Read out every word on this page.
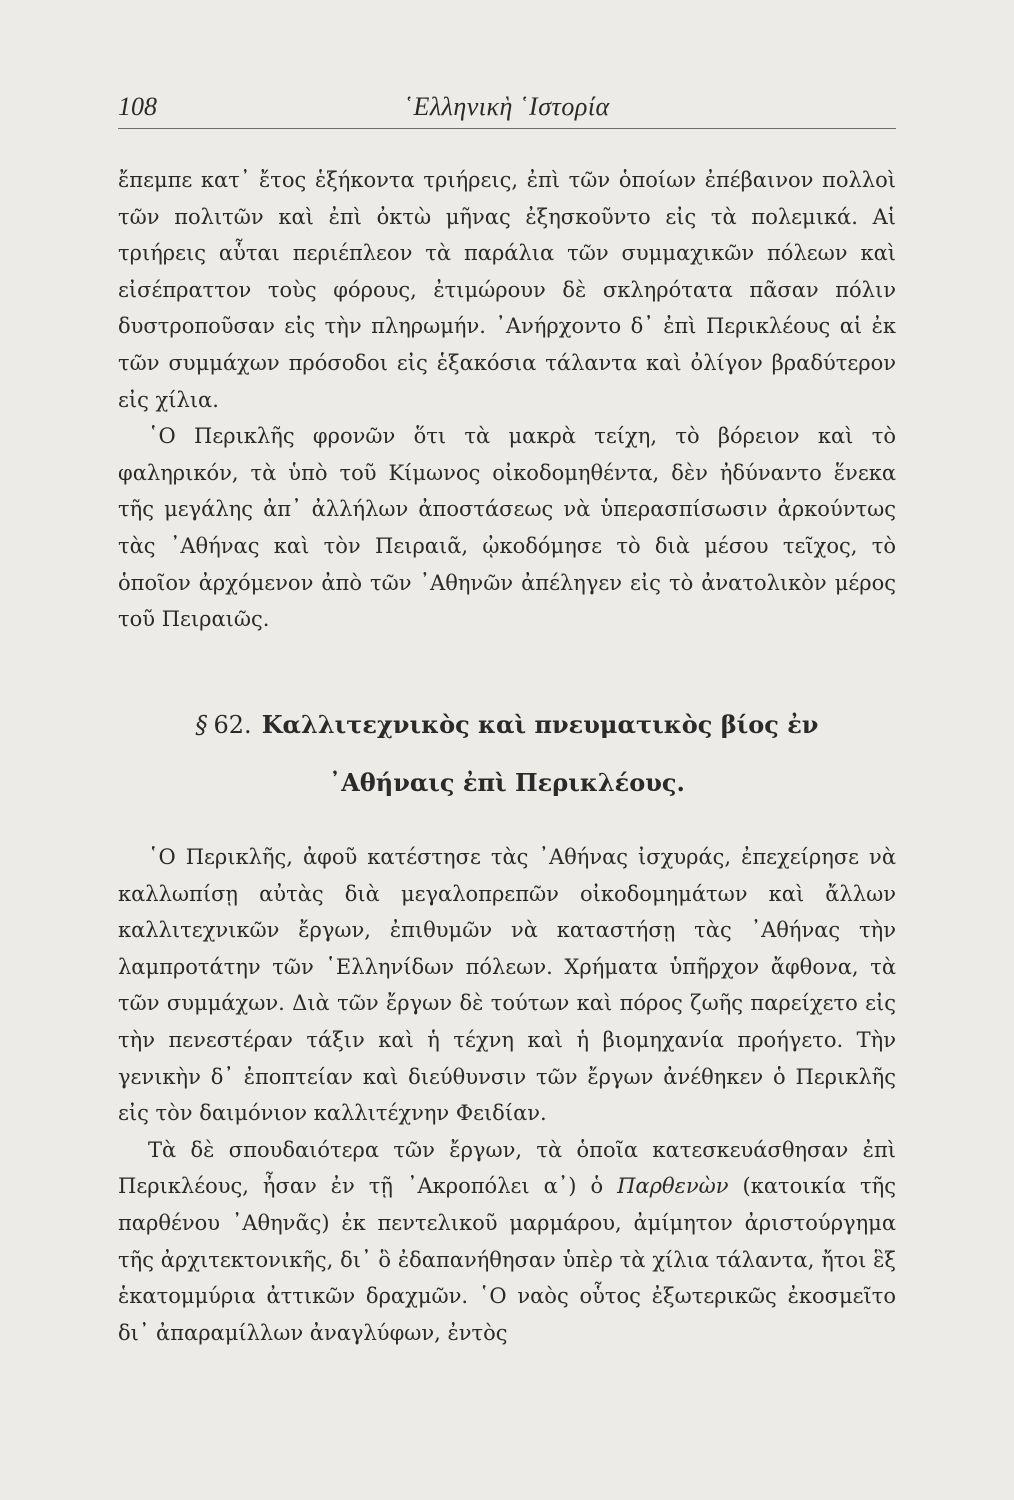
108	῾Ελληνικὴ ῾Ιστορία

ἔπεμπε κατ᾿ ἔτος ἑξήκοντα τριήρεις, ἐπὶ τῶν ὁποίων ἐπέβαινον πολλοὶ τῶν πολιτῶν καὶ ἐπὶ ὀκτὼ μῆνας ἐξησκοῦντο εἰς τὰ πολεμικά. Αἱ τριήρεις αὗται περιέπλεον τὰ παράλια τῶν συμμαχικῶν πόλεων καὶ εἰσέπραττον τοὺς φόρους, ἐτιμώρουν δὲ σκληρότατα πᾶσαν πόλιν δυστροποῦσαν εἰς τὴν πληρωμήν. ᾿Ανήρχοντο δ᾿ ἐπὶ Περικλέους αἱ ἐκ τῶν συμμάχων πρόσοδοι εἰς ἑξακόσια τάλαντα καὶ ὀλίγον βραδύτερον εἰς χίλια.

῾Ο Περικλῆς φρονῶν ὅτι τὰ μακρὰ τείχη, τὸ βόρειον καὶ τὸ φαληρικόν, τὰ ὑπὸ τοῦ Κίμωνος οἰκοδομηθέντα, δὲν ἠδύναντο ἕνεκα τῆς μεγάλης ἀπ᾿ ἀλλήλων ἀποστάσεως νὰ ὑπερασπίσωσιν ἀρκούντως τὰς ᾿Αθήνας καὶ τὸν Πειραιᾶ, ᾠκοδόμησε τὸ διὰ μέσου τεῖχος, τὸ ὁποῖον ἀρχόμενον ἀπὸ τῶν ᾿Αθηνῶν ἀπέληγεν εἰς τὸ ἀνατολικὸν μέρος τοῦ Πειραιῶς.

§ 62. Καλλιτεχνικὸς καὶ πνευματικὸς βίος ἐν
᾿Αθήναις ἐπὶ Περικλέους.

῾Ο Περικλῆς, ἀφοῦ κατέστησε τὰς ᾿Αθήνας ἰσχυράς, ἐπεχείρησε νὰ καλλωπίσῃ αὐτὰς διὰ μεγαλοπρεπῶν οἰκοδομημάτων καὶ ἄλλων καλλιτεχνικῶν ἔργων, ἐπιθυμῶν νὰ καταστήσῃ τὰς ᾿Αθήνας τὴν λαμπροτάτην τῶν ῾Ελληνίδων πόλεων. Χρήματα ὑπῆρχον ἄφθονα, τὰ τῶν συμμάχων. Διὰ τῶν ἔργων δὲ τούτων καὶ πόρος ζωῆς παρείχετο εἰς τὴν πενεστέραν τάξιν καὶ ἡ τέχνη καὶ ἡ βιομηχανία προήγετο. Τὴν γενικὴν δ᾿ ἐποπτείαν καὶ διεύθυνσιν τῶν ἔργων ἀνέθηκεν ὁ Περικλῆς εἰς τὸν δαιμόνιον καλλιτέχνην Φειδίαν.

Τὰ δὲ σπουδαιότερα τῶν ἔργων, τὰ ὁποῖα κατεσκευάσθησαν ἐπὶ Περικλέους, ἦσαν ἐν τῇ ᾿Ακροπόλει α᾿) ὁ Παρθενὼν (κατοικία τῆς παρθένου ᾿Αθηνᾶς) ἐκ πεντελικοῦ μαρμάρου, ἀμίμητον ἀριστούργημα τῆς ἀρχιτεκτονικῆς, δι᾿ ὃ ἐδαπανήθησαν ὑπὲρ τὰ χίλια τάλαντα, ἤτοι ἓξ ἑκατομμύρια ἀττικῶν δραχμῶν. ῾Ο ναὸς οὗτος ἐξωτερικῶς ἐκοσμεῖτο δι᾿ ἀπαραμίλλων ἀναγλύφων, ἐντὸς
